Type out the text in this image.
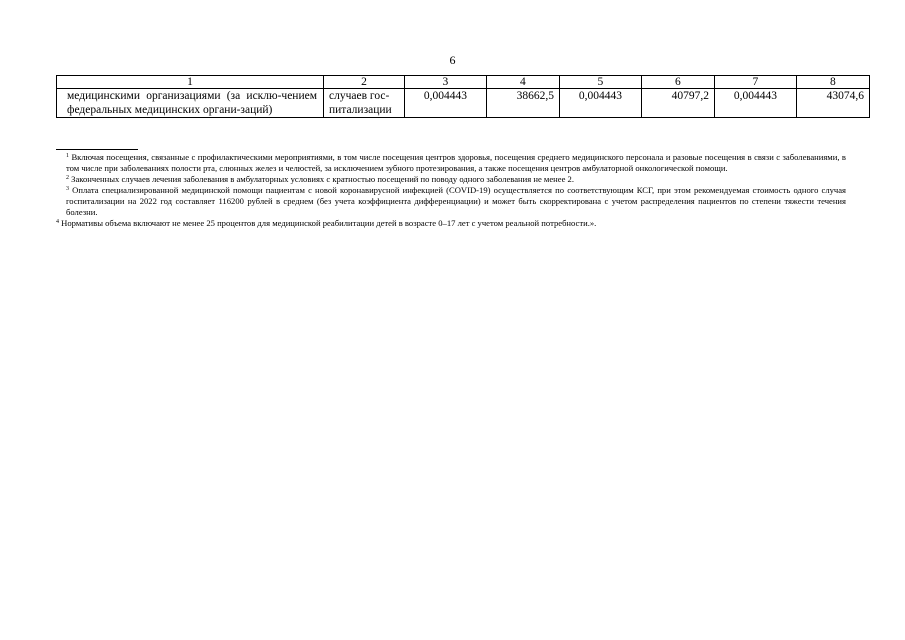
6
1	2	3	4	5	6	7	8
медицинскими организациями (за исклю-чением федеральных медицинских органи-заций)	случаев гос-питализации	0,004443	38662,5	0,004443	40797,2	0,004443	43074,6

$^1$ Включая посещения, связанные с профилактическими мероприятиями, в том числе посещения центров здоровья, посещения среднего медицинского персонала и разовые посещения в связи с заболеваниями, в том числе при заболеваниях полости рта, слюнных желез и челюстей, за исключением зубного протезирования, а также посещения центров амбулаторной онкологической помощи.

$^2$ Законченных случаев лечения заболевания в амбулаторных условиях с кратностью посещений по поводу одного заболевания не менее 2.

$^3$ Оплата специализированной медицинской помощи пациентам с новой коронавирусной инфекцией (COVID-19) осуществляется по соответствующим КСГ, при этом рекомендуемая стоимость одного случая госпитализации на 2022 год составляет 116200 рублей в среднем (без учета коэффициента дифференциации) и может быть скорректирована с учетом распределения пациентов по степени тяжести течения болезни.

$^4$ Нормативы объема включают не менее 25 процентов для медицинской реабилитации детей в возрасте 0–17 лет с учетом реальной потребности.».
